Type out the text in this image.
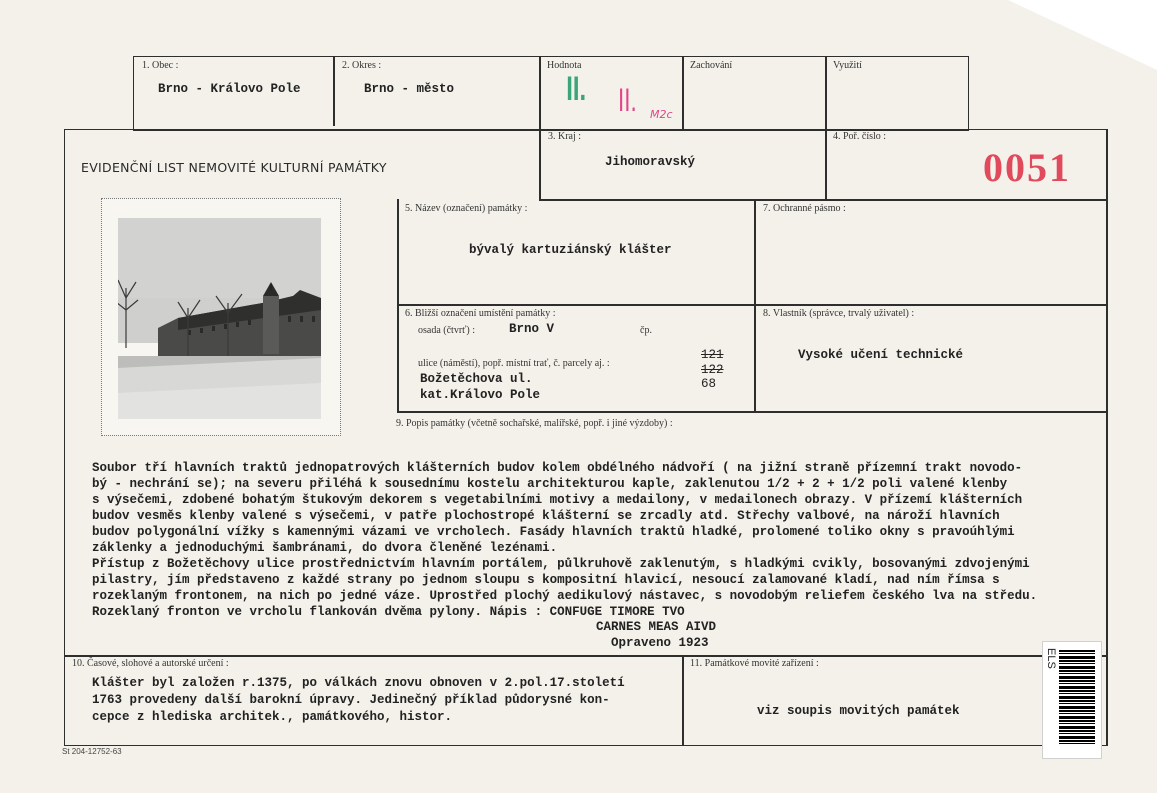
1. Obec :
Brno - Královo Pole
2. Okres :
Brno - město
Hodnota
II. II. M2c
Zachování	Využití
EVIDENČNÍ LIST NEMOVITÉ KULTURNÍ PAMÁTKY
3. Kraj :
Jihomoravský
4. Poř. číslo :
0051
5. Název (označení) památky :
bývalý kartuziánský klášter
7. Ochranné pásmo :
6. Bližší označení umístění památky :
osada (čtvrť) :	Brno V	čp.
ulice (náměstí), popř. místní trať, č. parcely aj. :
121
122
68
Božetěchova ul.
kat.Královo Pole
8. Vlastník (správce, trvalý uživatel) :
Vysoké učení technické
9. Popis památky (včetně sochařské, malířské, popř. i jiné výzdoby) :
Soubor tří hlavních traktů jednopatrových klášterních budov kolem obdélného nádvoří ( na jižní straně přízemní trakt novodo-
bý - nechrání se); na severu přiléhá k sousednímu kostelu architekturou kaple, zaklenutou 1/2 + 2 + 1/2 poli valené klenby
s výsečemi, zdobené bohatým štukovým dekorem s vegetabilními motivy a medailony, v medailonech obrazy. V přízemí klášterních
budov vesměs klenby valené s výsečemi, v patře plochostropé klášterní se zrcadly atd. Střechy valbové, na nároží hlavních
budov polygonální vížky s kamennými vázami ve vrcholech. Fasády hlavních traktů hladké, prolomené toliko okny s pravoúhlými
záklenky a jednoduchými šambránami, do dvora členěné lezénami.
Přístup z Božetěchovy ulice prostřednictvím hlavním portálem, půlkruhově zaklenutým, s hladkými cvikly, bosovanými zdvojenými
pilastry, jím představeno z každé strany po jednom sloupu s kompositní hlavicí, nesoucí zalamované kladí, nad ním římsa s
rozeklaným frontonem, na nich po jedné váze. Uprostřed plochý aedikulový nástavec, s novodobým reliefem českého lva na středu.
Rozeklaný fronton ve vrcholu flankován dvěma pylony. Nápis : CONFUGE TIMORE TVO
CARNES MEAS AIVD
Opraveno 1923
10. Časové, slohové a autorské určení :
Klášter byl založen r.1375, po válkách znovu obnoven v 2.pol.17.století
1763 provedeny další barokní úpravy. Jedinečný příklad půdorysné kon-
cepce z hlediska architek., památkového, histor.
11. Památkové movité zařízení :
viz soupis movitých památek
ELS
St 204-12752-63
